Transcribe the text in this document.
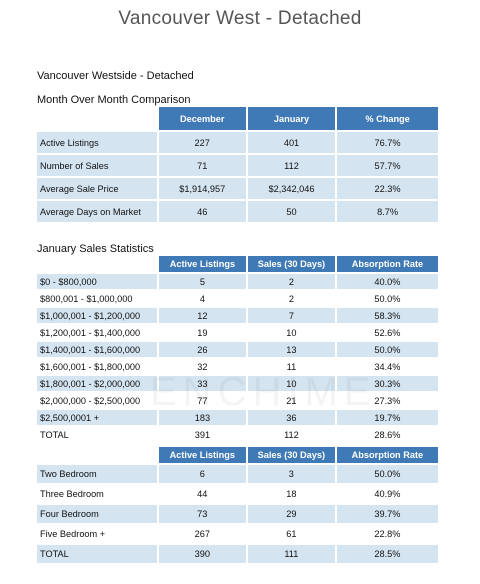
Vancouver West - Detached
Vancouver Westside - Detached
Month Over Month Comparison
	December	January	% Change
Active Listings	227	401	76.7%
Number of Sales	71	112	57.7%
Average Sale Price	$1,914,957	$2,342,046	22.3%
Average Days on Market	46	50	8.7%
January Sales Statistics
	Active Listings	Sales (30 Days)	Absorption Rate
$0 - $800,000	5	2	40.0%
$800,001 - $1,000,000	4	2	50.0%
$1,000,001 - $1,200,000	12	7	58.3%
$1,200,001 - $1,400,000	19	10	52.6%
$1,400,001 - $1,600,000	26	13	50.0%
$1,600,001 - $1,800,000	32	11	34.4%
$1,800,001 - $2,000,000	33	10	30.3%
$2,000,000 - $2,500,000	77	21	27.3%
$2,500,0001 +	183	36	19.7%
TOTAL	391	112	28.6%
	Active Listings	Sales (30 Days)	Absorption Rate
Two Bedroom	6	3	50.0%
Three Bedroom	44	18	40.9%
Four Bedroom	73	29	39.7%
Five Bedroom +	267	61	22.8%
TOTAL	390	111	28.5%
